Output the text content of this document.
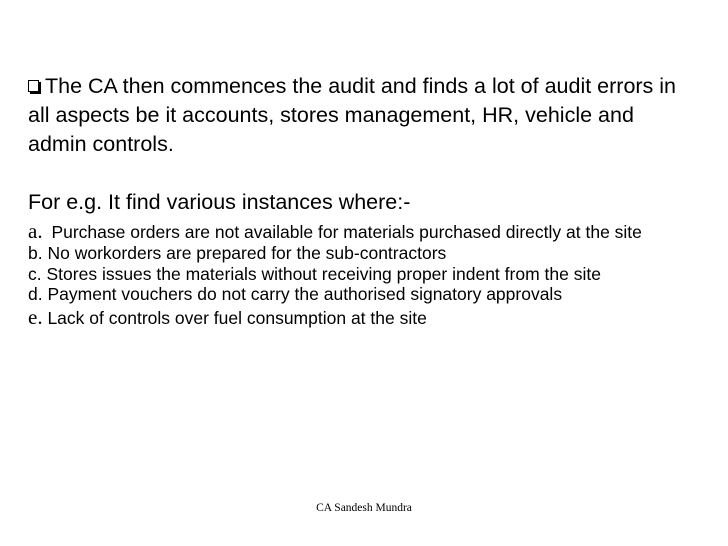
The CA then commences the audit and finds a lot of audit errors in all aspects be it accounts, stores management, HR, vehicle and admin controls.

For e.g. It find various instances where:-

a. Purchase orders are not available for materials purchased directly at the site
b. No workorders are prepared for the sub-contractors
c. Stores issues the materials without receiving proper indent from the site
d. Payment vouchers do not carry the authorised signatory approvals
e. Lack of controls over fuel consumption at the site
CA Sandesh Mundra
